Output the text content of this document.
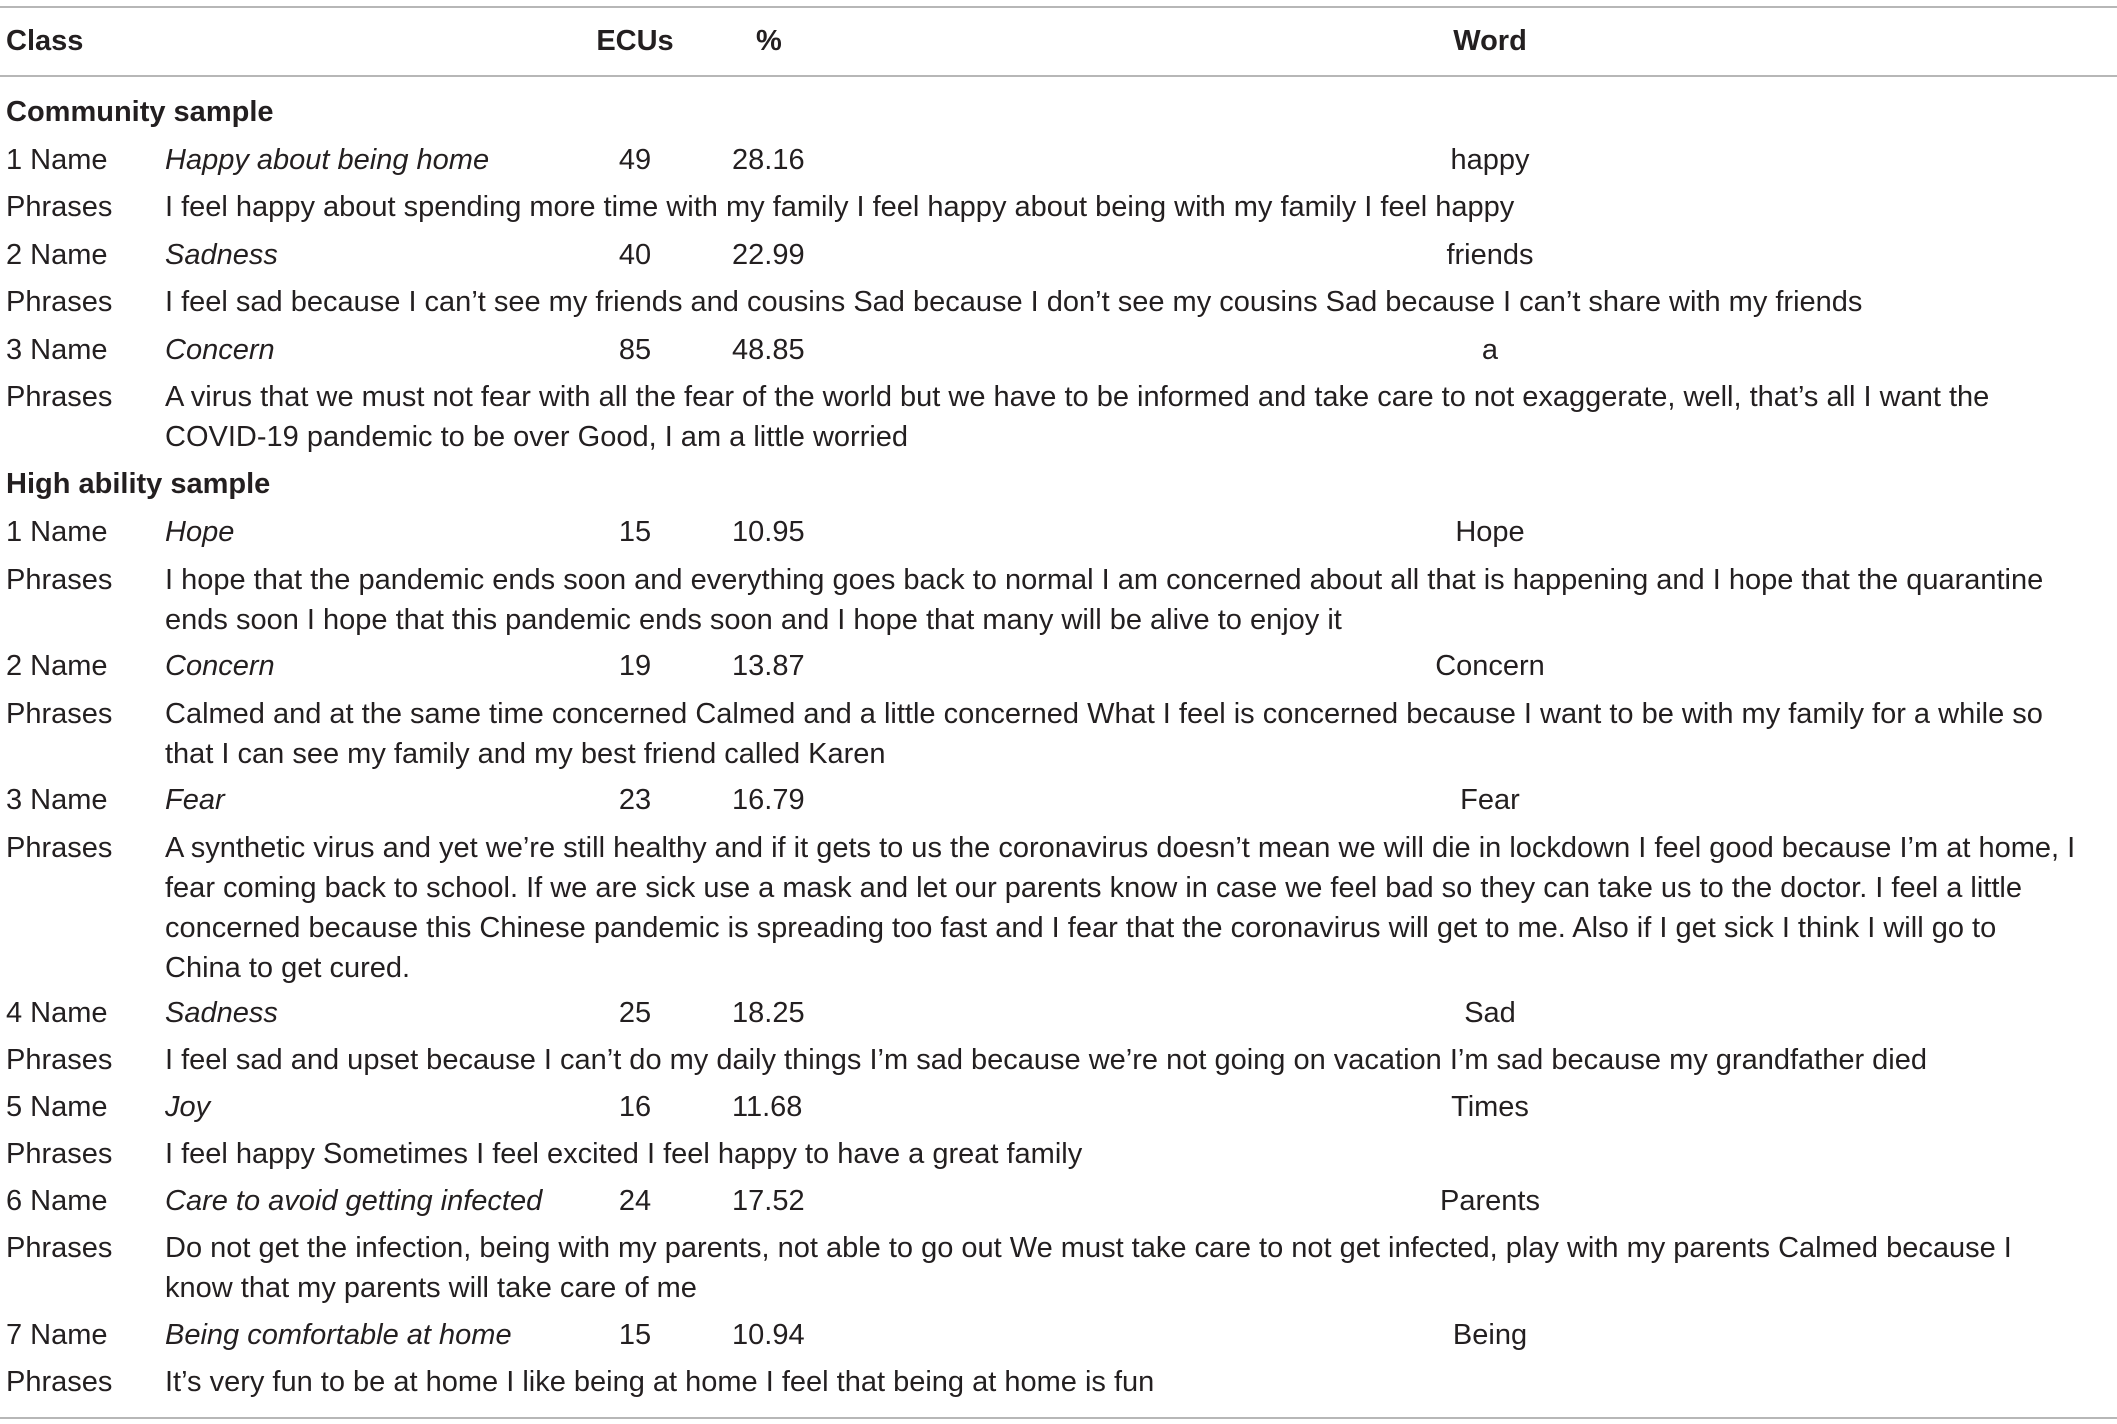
Class	ECUs	%	Word
Community sample
1 Name Happy about being home	49	28.16	happy
Phrases I feel happy about spending more time with my family I feel happy about being with my family I feel happy
2 Name Sadness	40	22.99	friends
Phrases I feel sad because I can’t see my friends and cousins Sad because I don’t see my cousins Sad because I can’t share with my friends
3 Name Concern	85	48.85	a
Phrases A virus that we must not fear with all the fear of the world but we have to be informed and take care to not exaggerate, well, that’s all I want the COVID-19 pandemic to be over Good, I am a little worried
High ability sample
1 Name Hope	15	10.95	Hope
Phrases I hope that the pandemic ends soon and everything goes back to normal I am concerned about all that is happening and I hope that the quarantine ends soon I hope that this pandemic ends soon and I hope that many will be alive to enjoy it
2 Name Concern	19	13.87	Concern
Phrases Calmed and at the same time concerned Calmed and a little concerned What I feel is concerned because I want to be with my family for a while so that I can see my family and my best friend called Karen
3 Name Fear	23	16.79	Fear
Phrases A synthetic virus and yet we’re still healthy and if it gets to us the coronavirus doesn’t mean we will die in lockdown I feel good because I’m at home, I fear coming back to school. If we are sick use a mask and let our parents know in case we feel bad so they can take us to the doctor. I feel a little concerned because this Chinese pandemic is spreading too fast and I fear that the coronavirus will get to me. Also if I get sick I think I will go to China to get cured.
4 Name Sadness	25	18.25	Sad
Phrases I feel sad and upset because I can’t do my daily things I’m sad because we’re not going on vacation I’m sad because my grandfather died
5 Name Joy	16	11.68	Times
Phrases I feel happy Sometimes I feel excited I feel happy to have a great family
6 Name Care to avoid getting infected	24	17.52	Parents
Phrases Do not get the infection, being with my parents, not able to go out We must take care to not get infected, play with my parents Calmed because I know that my parents will take care of me
7 Name Being comfortable at home	15	10.94	Being
Phrases It’s very fun to be at home I like being at home I feel that being at home is fun
